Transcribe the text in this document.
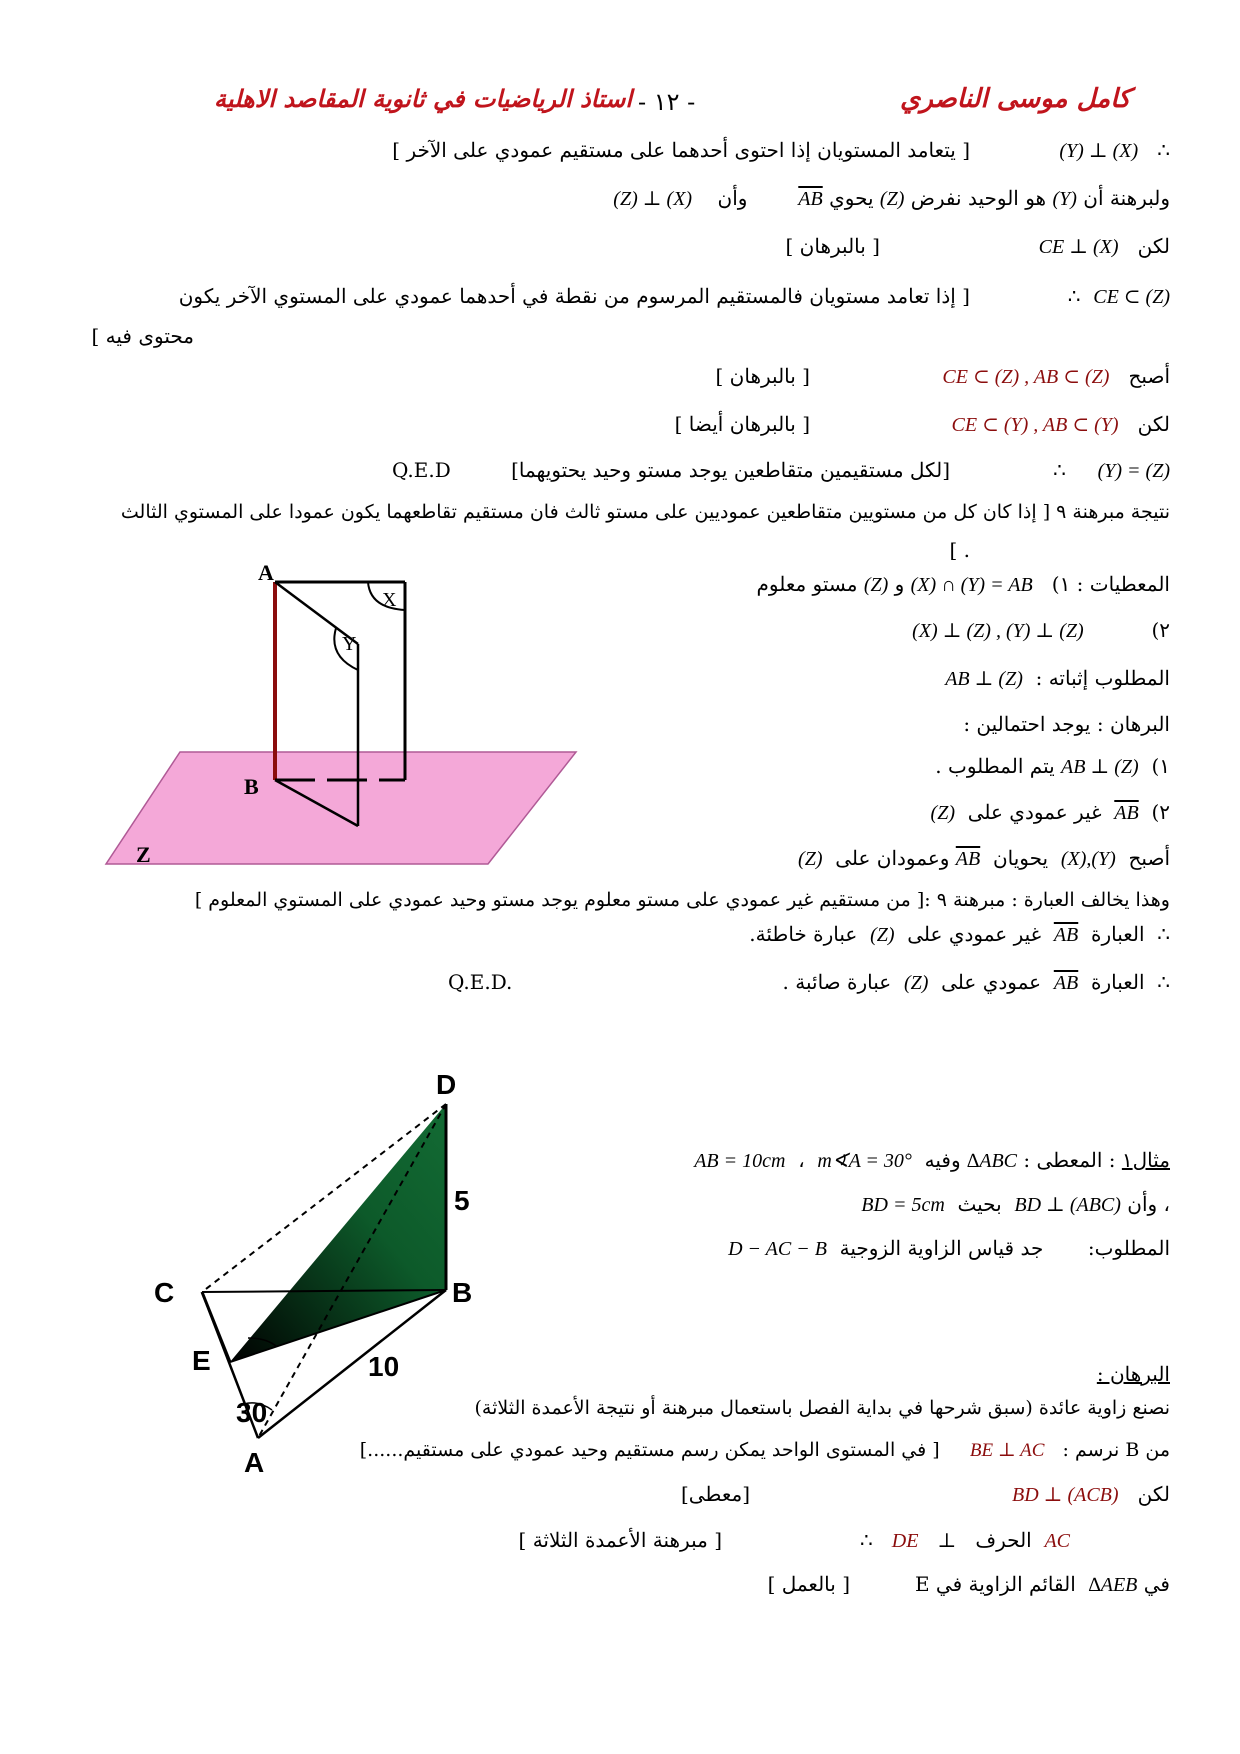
كامل موسى الناصري
- ١٢ -
استاذ الرياضيات في ثانوية المقاصد الاهلية
∴   (Y) ⊥ (X)
[ يتعامد المستويان إذا احتوى أحدهما على مستقيم عمودي على الآخر ]
ولبرهنة أن (Y) هو الوحيد نفرض (Z) يحوي $\overline{AB}$        وأن    (Z) ⊥ (X)
لكن   CE ⊥ (X)
[ بالبرهان ]
CE ⊂ (Z)  ∴
[ إذا تعامد مستويان فالمستقيم المرسوم من نقطة في أحدهما عمودي على المستوي الآخر يكون
محتوى فيه ]
أصبح   CE ⊂ (Z) , AB ⊂ (Z)
[ بالبرهان ]
لكن   CE ⊂ (Y) , AB ⊂ (Y)
[ بالبرهان أيضا ]
(Y) = (Z)     ∴
[لكل مستقيمين متقاطعين يوجد مستو وحيد يحتويهما]
Q.E.D
نتيجة مبرهنة ٩ [ إذا كان كل من مستويين متقاطعين عموديين على مستو ثالث فان مستقيم تقاطعهما يكون عمودا على المستوي الثالث
. ]
المعطيات : ١)   (X) ∩ (Y) = AB و (Z) مستو معلوم
٢) (X) ⊥ (Z) , (Y) ⊥ (Z)
المطلوب إثباته :  AB ⊥ (Z)
البرهان : يوجد احتمالين :
١)  AB ⊥ (Z) يتم المطلوب .
٢)  $\overline{AB}$  غير عمودي على  (Z)
أصبح  (X),(Y)  يحويان  $\overline{AB}$ وعمودان على  (Z)
وهذا يخالف العبارة : مبرهنة ٩ :[ من مستقيم غير عمودي على مستو معلوم يوجد مستو وحيد عمودي على المستوي المعلوم ]
∴  العبارة  $\overline{AB}$  غير عمودي على  (Z)  عبارة خاطئة.
∴  العبارة  $\overline{AB}$  عمودي على  (Z)  عبارة صائبة .
Q.E.D.
A
X
Y
B
Z
مثال١ : المعطى : ∆ABC وفيه  m∢A = 30°  ،  AB = 10cm
، وأن BD ⊥ (ABC)  بحيث  BD = 5cm
المطلوب:       جد قياس الزاوية الزوجية  D − AC − B
البرهان :
نصنع زاوية عائدة (سبق شرحها في بداية الفصل باستعمال مبرهنة أو نتيجة الأعمدة الثلاثة)
من B نرسم :   BE ⊥ AC     [ في المستوى الواحد يمكن رسم مستقيم وحيد عمودي على مستقيم......]
لكن   BD ⊥ (ACB)
[معطى]
AC  الحرف   ⊥   DE   ∴
[ مبرهنة الأعمدة الثلاثة ]
في ∆AEB  القائم الزاوية في E
[ بالعمل ]
D
5
C	B
E	10
30
A
